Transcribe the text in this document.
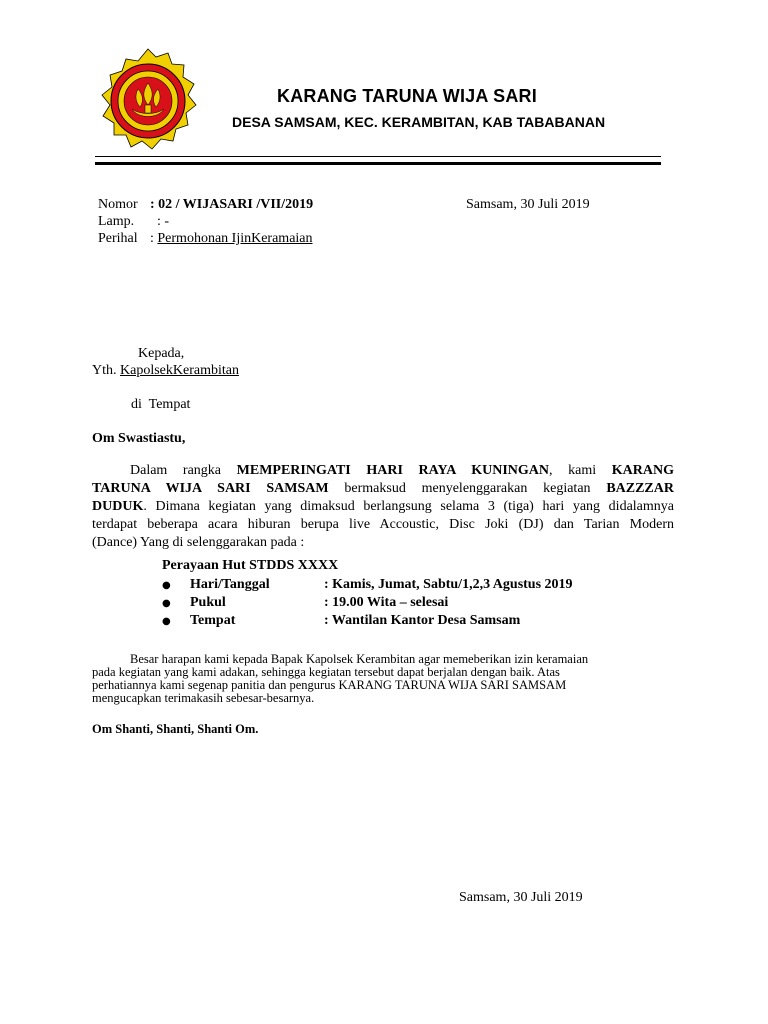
KARANG TARUNA WIJA SARI
DESA SAMSAM, KEC. KERAMBITAN, KAB TABABANAN
Nomor : 02 / WIJASARI /VII/2019
Lamp.	: -
Perihal : Permohonan IjinKeramaian
Samsam, 30 Juli 2019
Kepada,
Yth. KapolsekKerambitan
di  Tempat
Om Swastiastu,
Dalam rangka MEMPERINGATI HARI RAYA KUNINGAN, kami KARANG
TARUNA WIJA SARI SAMSAM bermaksud menyelenggarakan kegiatan BAZZZAR
DUDUK. Dimana kegiatan yang dimaksud berlangsung selama 3 (tiga) hari yang didalamnya
terdapat beberapa acara hiburan berupa live Accoustic, Disc Joki (DJ) dan Tarian Modern
(Dance) Yang di selenggarakan pada :
Perayaan Hut STDDS XXXX
●	Hari/Tanggal	: Kamis, Jumat, Sabtu/1,2,3 Agustus 2019
●	Pukul	: 19.00 Wita – selesai
●	Tempat	: Wantilan Kantor Desa Samsam
Besar harapan kami kepada Bapak Kapolsek Kerambitan agar memeberikan izin keramaian
pada kegiatan yang kami adakan, sehingga kegiatan tersebut dapat berjalan dengan baik. Atas
perhatiannya kami segenap panitia dan pengurus KARANG TARUNA WIJA SARI SAMSAM
mengucapkan terimakasih sebesar-besarnya.
Om Shanti, Shanti, Shanti Om.
Samsam, 30 Juli 2019
